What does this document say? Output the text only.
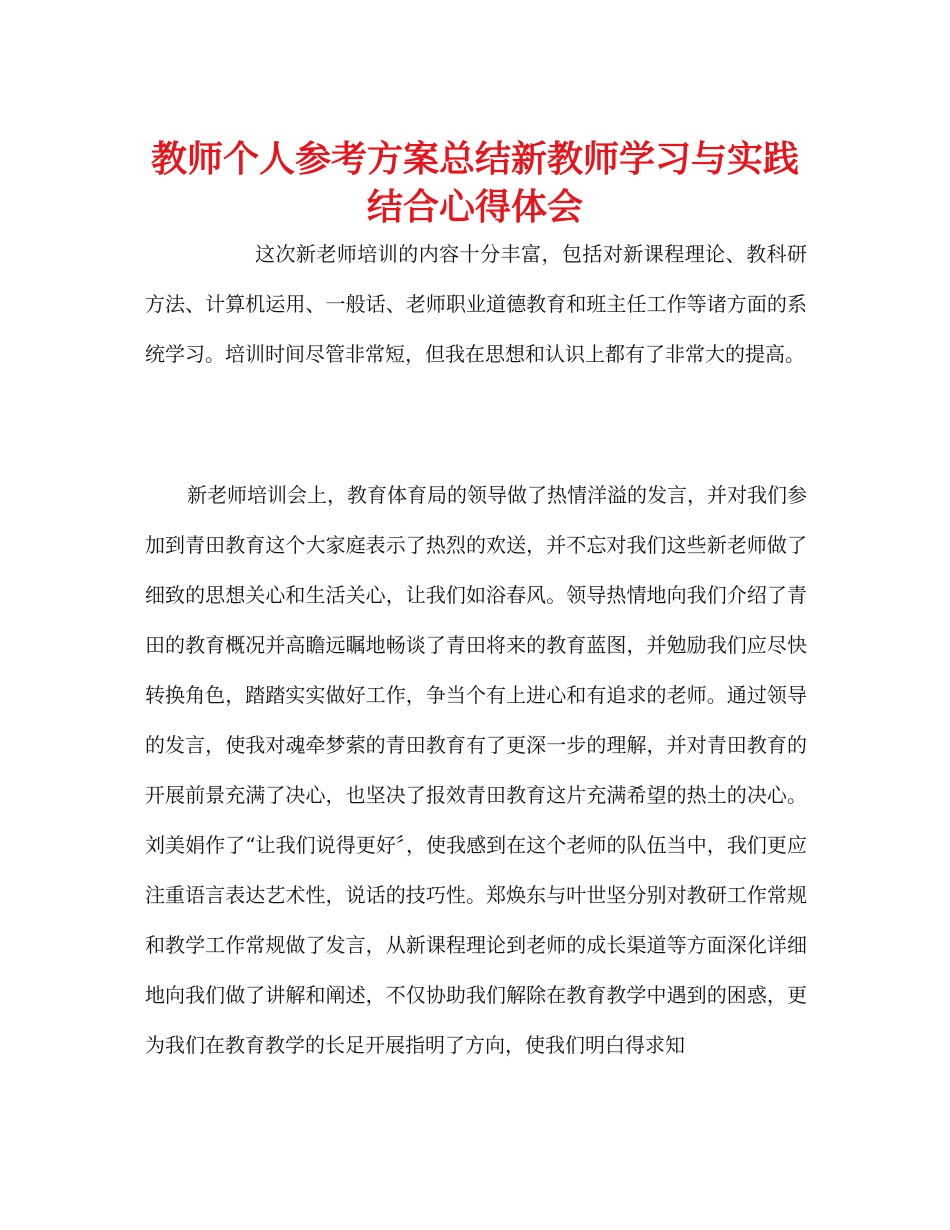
教师个人参考方案总结新教师学习与实践结合心得体会

这次新老师培训的内容十分丰富，包括对新课程理论、教科研方法、计算机运用、一般话、老师职业道德教育和班主任工作等诸方面的系统学习。培训时间尽管非常短，但我在思想和认识上都有了非常大的提高。

新老师培训会上，教育体育局的领导做了热情洋溢的发言，并对我们参加到青田教育这个大家庭表示了热烈的欢送，并不忘对我们这些新老师做了细致的思想关心和生活关心，让我们如浴春风。领导热情地向我们介绍了青田的教育概况并高瞻远瞩地畅谈了青田将来的教育蓝图，并勉励我们应尽快转换角色，踏踏实实做好工作，争当个有上进心和有追求的老师。通过领导的发言，使我对魂牵梦萦的青田教育有了更深一步的理解，并对青田教育的开展前景充满了决心，也坚决了报效青田教育这片充满希望的热土的决心。刘美娟作了“让我们说得更好〞，使我感到在这个老师的队伍当中，我们更应注重语言表达艺术性，说话的技巧性。郑焕东与叶世坚分别对教研工作常规和教学工作常规做了发言，从新课程理论到老师的成长渠道等方面深化详细地向我们做了讲解和阐述，不仅协助我们解除在教育教学中遇到的困惑，更为我们在教育教学的长足开展指明了方向，使我们明白得求知
